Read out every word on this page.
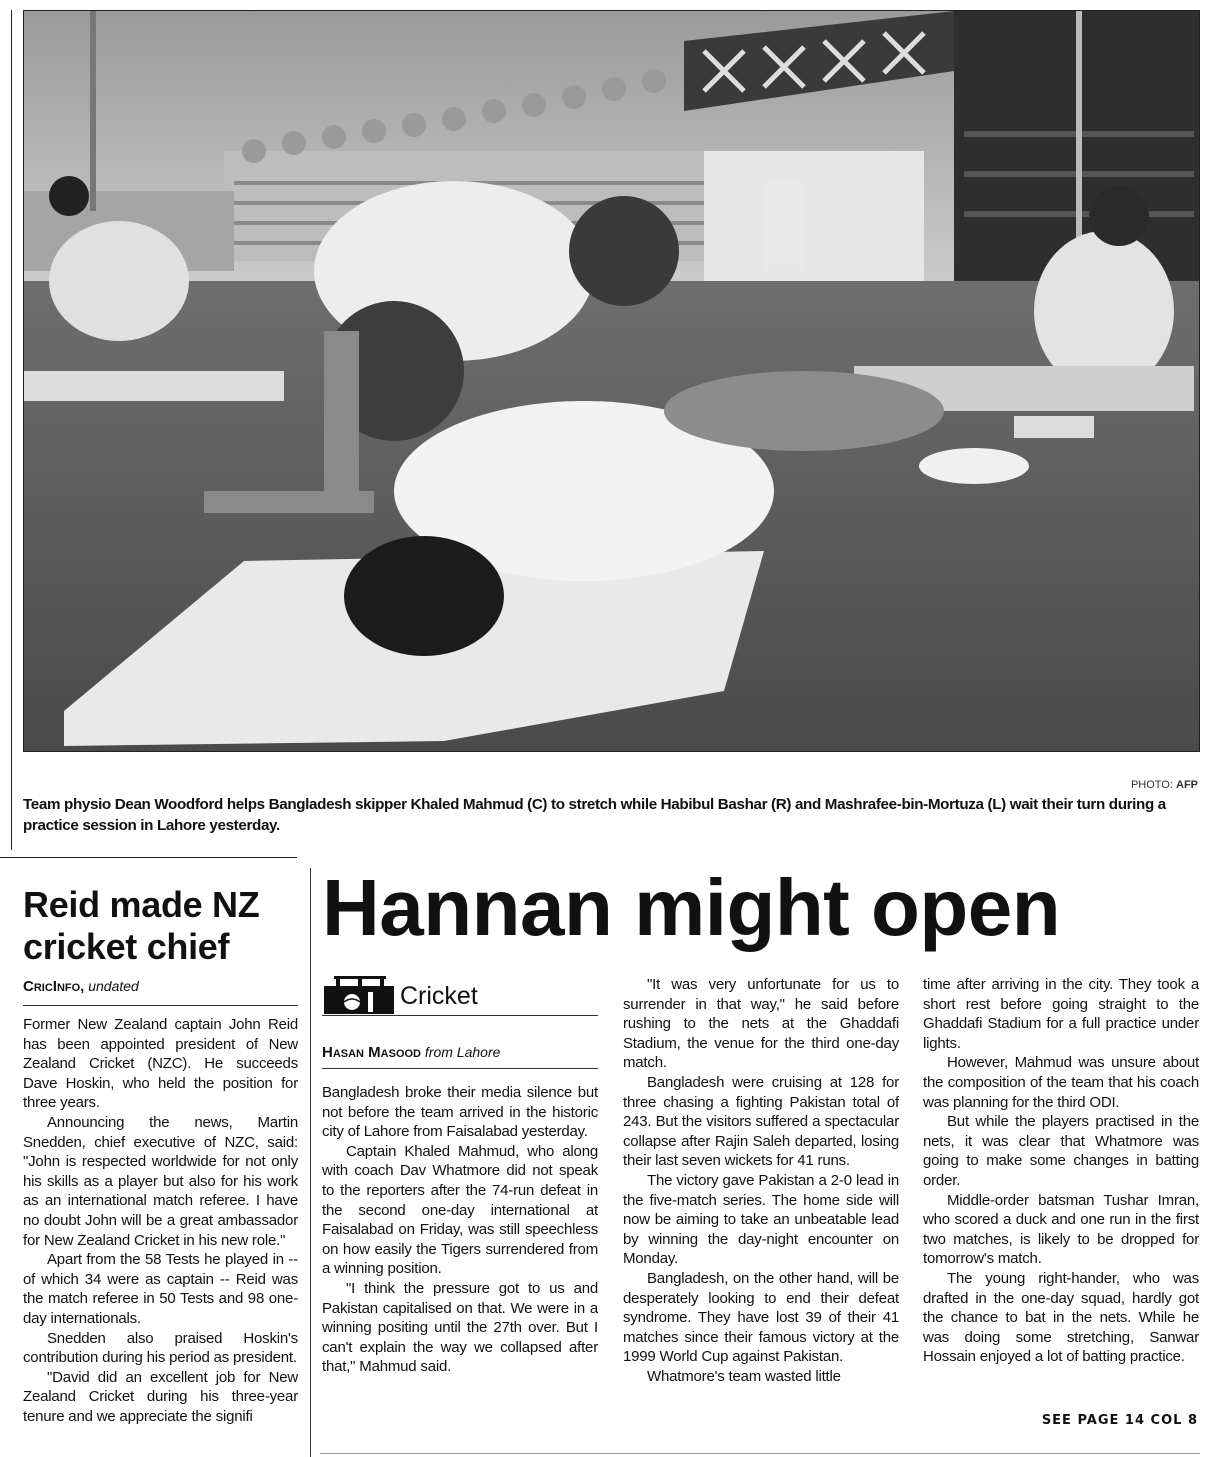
PHOTO: AFP
Team physio Dean Woodford helps Bangladesh skipper Khaled Mahmud (C) to stretch while Habibul Bashar (R) and Mashrafee-bin-Mortuza (L) wait their turn during a practice session in Lahore yesterday.
Reid made NZ cricket chief
CricInfo, undated

Former New Zealand captain John Reid has been appointed president of New Zealand Cricket (NZC). He succeeds Dave Hoskin, who held the position for three years.

Announcing the news, Martin Snedden, chief executive of NZC, said: "John is respected worldwide for not only his skills as a player but also for his work as an international match referee. I have no doubt John will be a great ambassador for New Zealand Cricket in his new role."

Apart from the 58 Tests he played in -- of which 34 were as captain -- Reid was the match referee in 50 Tests and 98 one-day internationals.

Snedden also praised Hoskin's contribution during his period as president.

"David did an excellent job for New Zealand Cricket during his three-year tenure and we appreciate the signifi

Hannan might open
Cricket
Hasan Masood from Lahore

Bangladesh broke their media silence but not before the team arrived in the historic city of Lahore from Faisalabad yesterday.

Captain Khaled Mahmud, who along with coach Dav Whatmore did not speak to the reporters after the 74-run defeat in the second one-day international at Faisalabad on Friday, was still speechless on how easily the Tigers surrendered from a winning position.

"I think the pressure got to us and Pakistan capitalised on that. We were in a winning positing until the 27th over. But I can't explain the way we collapsed after that," Mahmud said.

"It was very unfortunate for us to surrender in that way," he said before rushing to the nets at the Ghaddafi Stadium, the venue for the third one-day match.

Bangladesh were cruising at 128 for three chasing a fighting Pakistan total of 243. But the visitors suffered a spectacular collapse after Rajin Saleh departed, losing their last seven wickets for 41 runs.

The victory gave Pakistan a 2-0 lead in the five-match series. The home side will now be aiming to take an unbeatable lead by winning the day-night encounter on Monday.

Bangladesh, on the other hand, will be desperately looking to end their defeat syndrome. They have lost 39 of their 41 matches since their famous victory at the 1999 World Cup against Pakistan.

Whatmore's team wasted little

time after arriving in the city. They took a short rest before going straight to the Ghaddafi Stadium for a full practice under lights.

However, Mahmud was unsure about the composition of the team that his coach was planning for the third ODI.

But while the players practised in the nets, it was clear that Whatmore was going to make some changes in batting order.

Middle-order batsman Tushar Imran, who scored a duck and one run in the first two matches, is likely to be dropped for tomorrow's match.

The young right-hander, who was drafted in the one-day squad, hardly got the chance to bat in the nets. While he was doing some stretching, Sanwar Hossain enjoyed a lot of batting practice.

SEE PAGE 14 COL 8
